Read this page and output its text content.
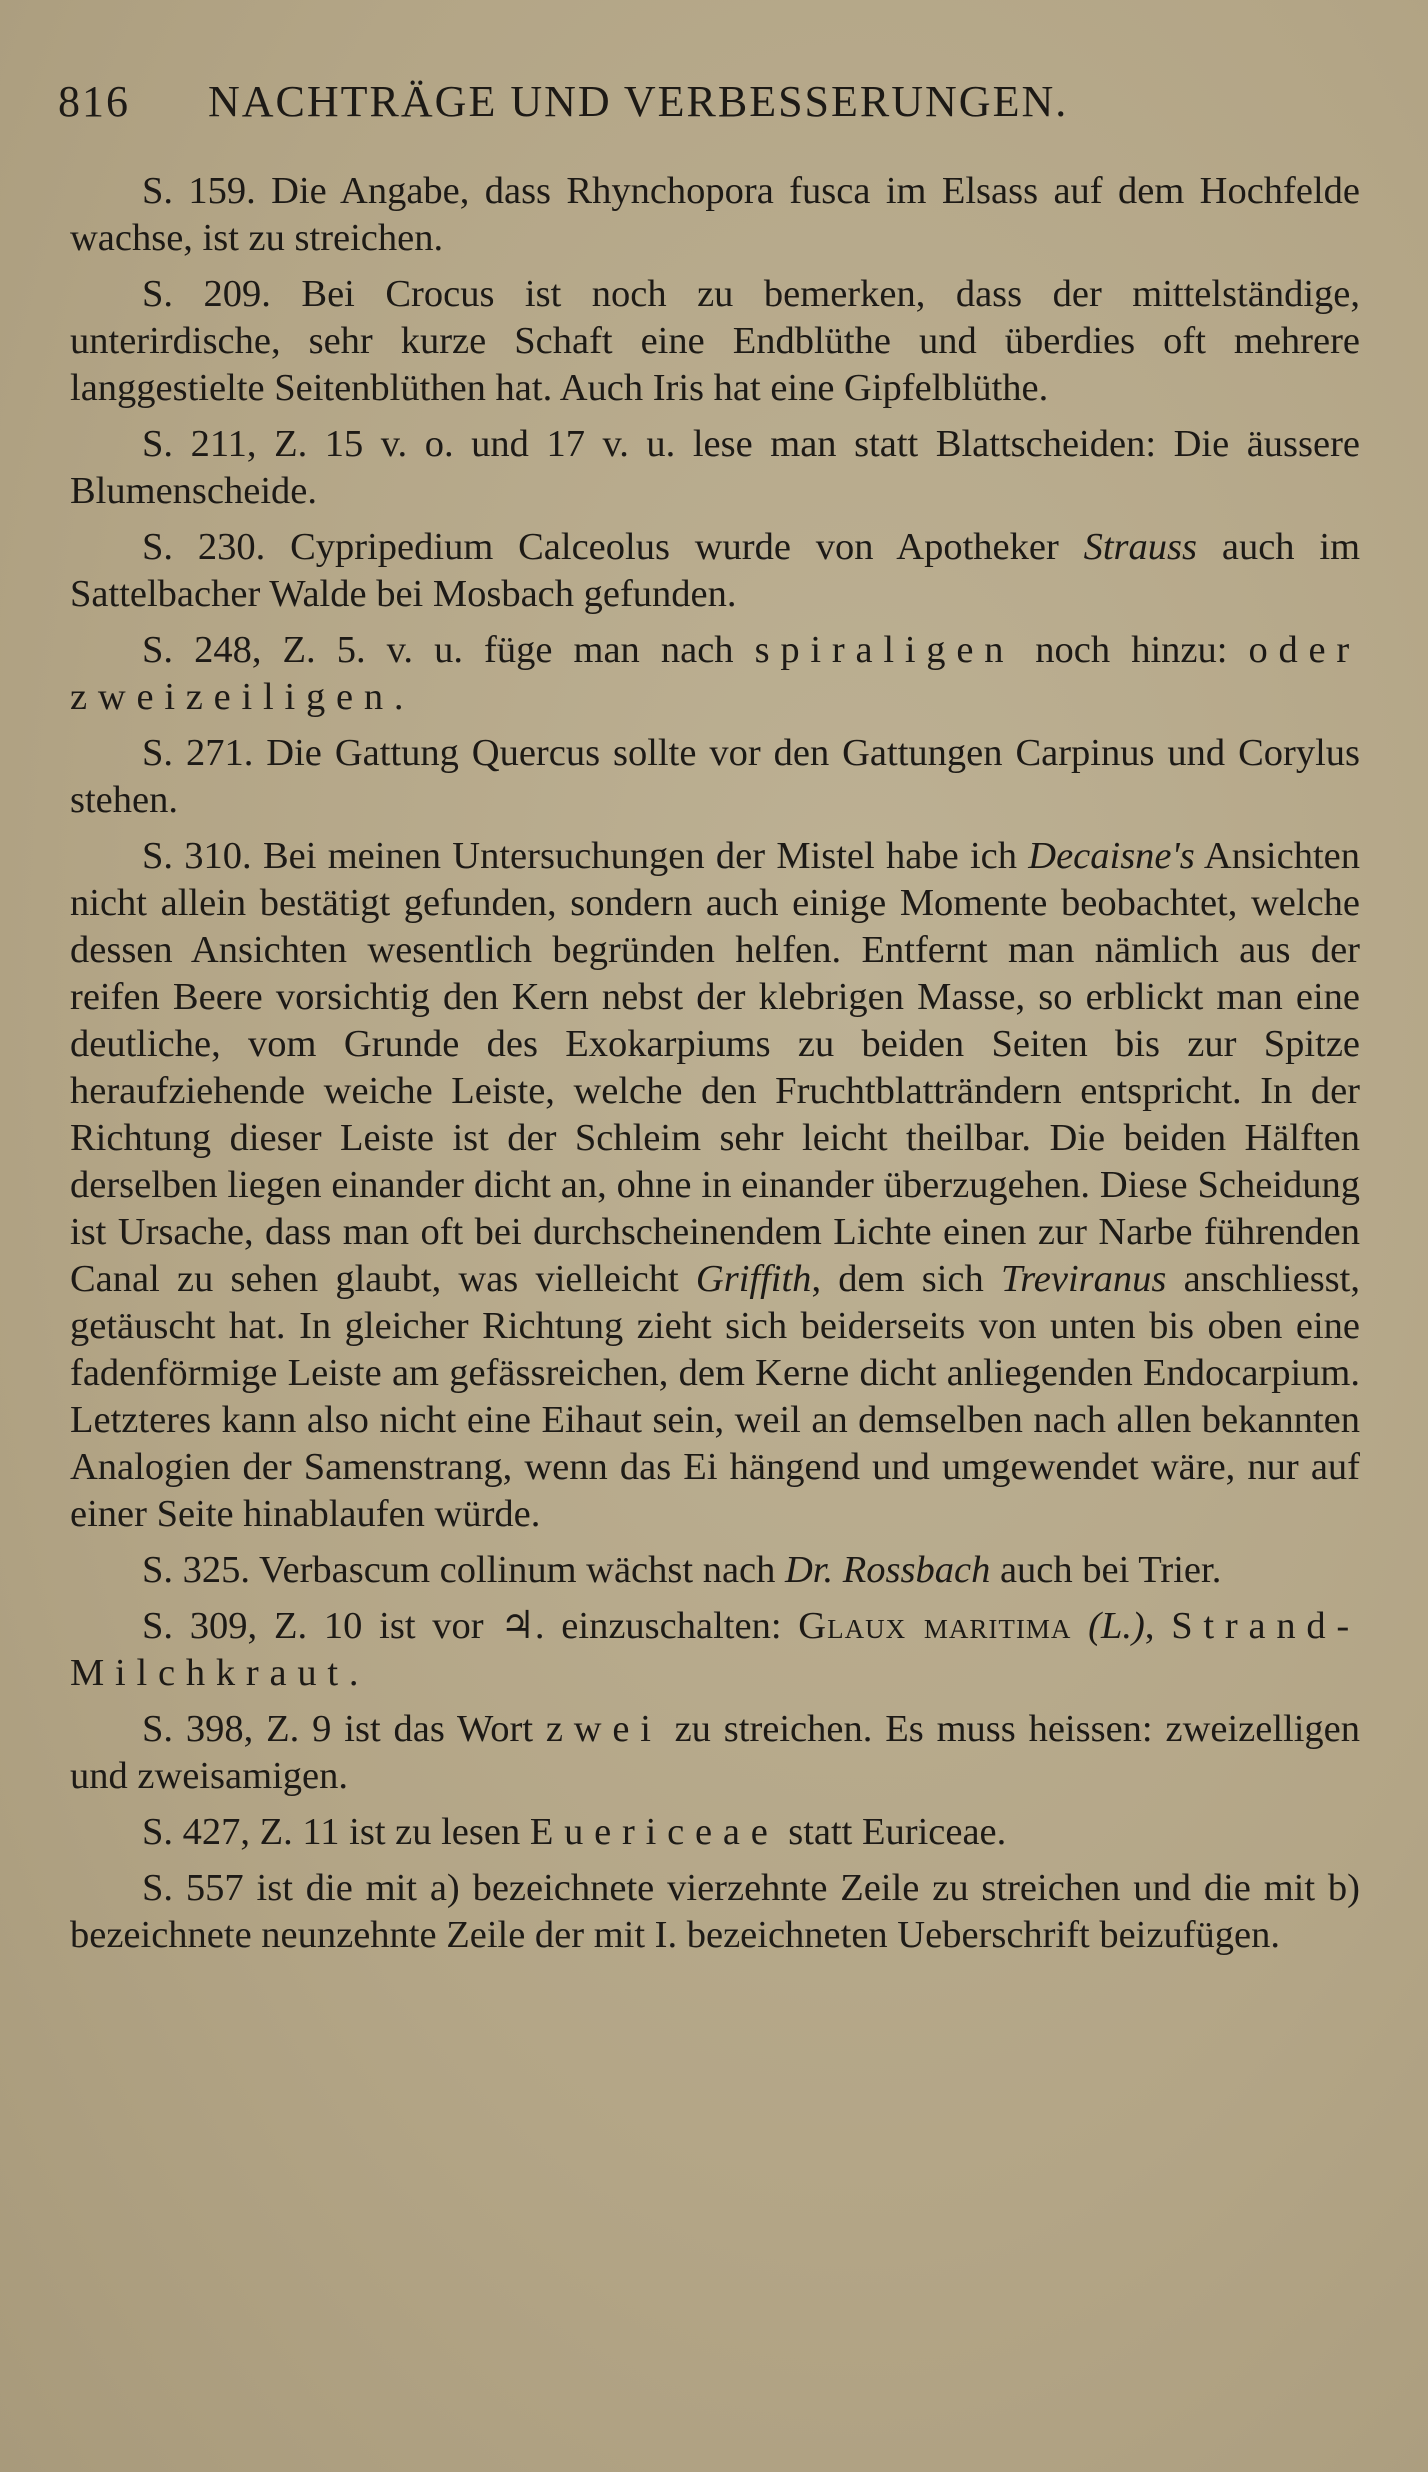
816 NACHTRÄGE UND VERBESSERUNGEN.

S. 159. Die Angabe, dass Rhynchopora fusca im Elsass auf dem Hochfelde wachse, ist zu streichen.

S. 209. Bei Crocus ist noch zu bemerken, dass der mittelständige, unterirdische, sehr kurze Schaft eine Endblüthe und überdies oft mehrere langgestielte Seitenblüthen hat. Auch Iris hat eine Gipfelblüthe.

S. 211, Z. 15 v. o. und 17 v. u. lese man statt Blattscheiden: Die äussere Blumenscheide.

S. 230. Cypripedium Calceolus wurde von Apotheker Strauss auch im Sattelbacher Walde bei Mosbach gefunden.

S. 248, Z. 5. v. u. füge man nach spiraligen noch hinzu: oder zweizeiligen.

S. 271. Die Gattung Quercus sollte vor den Gattungen Carpinus und Corylus stehen.

S. 310. Bei meinen Untersuchungen der Mistel habe ich Decaisne's Ansichten nicht allein bestätigt gefunden, sondern auch einige Momente beobachtet, welche dessen Ansichten wesentlich begründen helfen. Entfernt man nämlich aus der reifen Beere vorsichtig den Kern nebst der klebrigen Masse, so erblickt man eine deutliche, vom Grunde des Exokarpiums zu beiden Seiten bis zur Spitze heraufziehende weiche Leiste, welche den Fruchtblatträndern entspricht. In der Richtung dieser Leiste ist der Schleim sehr leicht theilbar. Die beiden Hälften derselben liegen einander dicht an, ohne in einander überzugehen. Diese Scheidung ist Ursache, dass man oft bei durchscheinendem Lichte einen zur Narbe führenden Canal zu sehen glaubt, was vielleicht Griffith, dem sich Treviranus anschliesst, getäuscht hat. In gleicher Richtung zieht sich beiderseits von unten bis oben eine fadenförmige Leiste am gefässreichen, dem Kerne dicht anliegenden Endocarpium. Letzteres kann also nicht eine Eihaut sein, weil an demselben nach allen bekannten Analogien der Samenstrang, wenn das Ei hängend und umgewendet wäre, nur auf einer Seite hinablaufen würde.

S. 325. Verbascum collinum wächst nach Dr. Rossbach auch bei Trier.

S. 309, Z. 10 ist vor ♃. einzuschalten: Glaux maritima (L.), Strand-Milchkraut.

S. 398, Z. 9 ist das Wort zwei zu streichen. Es muss heissen: zweizelligen und zweisamigen.

S. 427, Z. 11 ist zu lesen Euericeae statt Euriceae.

S. 557 ist die mit a) bezeichnete vierzehnte Zeile zu streichen und die mit b) bezeichnete neunzehnte Zeile der mit I. bezeichneten Ueberschrift beizufügen.
